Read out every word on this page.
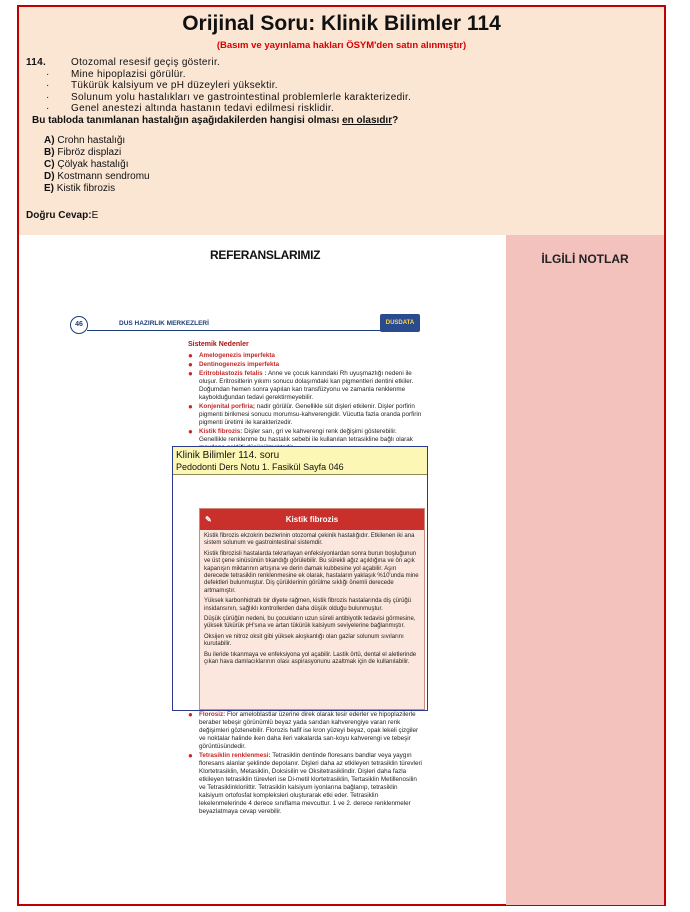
Orijinal Soru: Klinik Bilimler 114
(Basım ve yayınlama hakları ÖSYM'den satın alınmıştır)
114. Otozomal resesif geçiş gösterir.
· Mine hipoplazisi görülür.
· Tükürük kalsiyum ve pH düzeyleri yüksektir.
· Solunum yolu hastalıkları ve gastrointestinal problemlerle karakterizedir.
· Genel anestezi altında hastanın tedavi edilmesi risklidir.
Bu tabloda tanımlanan hastalığın aşağıdakilerden hangisi olması en olasıdır?
A) Crohn hastalığı
B) Fibröz displazi
C) Çölyak hastalığı
D) Kostmann sendromu
E) Kistik fibrozis
Doğru Cevap:E
İLGİLİ NOTLAR
REFERANSLARIMIZ
46	DUS HAZIRLIK MERKEZLERİ	DUSDATA
Sistemik Nedenler
● Amelogenezis imperfekta
● Dentinogenezis imperfekta
● Eritroblastozis fetalis : Anne ve çocuk kanındaki Rh uyuşmazlığı nedeni ile oluşur. Eritrositlerin yıkımı sonucu dolaşımdaki kan pigmentleri dentini etkiler. Doğumdan hemen sonra yapılan kan transfüzyonu ve zamanla renklenme kaybolduğundan tedavi gerektirmeyebilir.
● Konjenital porfiria; nadir görülür. Genellikle süt dişleri etkilenir. Dişler porfirin pigmenti birikmesi sonucu morumsu-kahverengidir. Vücutta fazla oranda porfirin pigmenti üretimi ile karakterizedir.
● Kistik fibrozis: Dişler sarı, gri ve kahverengi renk değişimi gösterebilir. Genellikle renklenme bu hastalık sebebi ile kullanılan tetrasikline bağlı olarak
✎	Kistik fibrozis
Kistik fibrozis ekzokrin bezlerinin otozomal çekinik hastalığıdır. Etkilenen iki ana sistem solunum ve gastrointestinal sistemdir.
Kistik fibrozisli hastalarda tekrarlayan enfeksiyonlardan sonra burun boşluğunun ve üst çene sinüsünün tıkandığı görülebilir. Bu sürekli ağız açıklığına ve ön açık kapanışın miktarının artışına ve derin damak kubbesine yol açabilir. Aşırı derecede tetrasiklin renklenmesine ek olarak, hastaların yaklaşık %10'unda mine defektleri bulunmuştur. Diş çürüklerinin görülme sıklığı önemli derecede artmamıştır.
Yüksek karbonhidratlı bir diyete rağmen, kistik fibrozis hastalarında diş çürüğü insidansının, sağlıklı kontrollerden daha düşük olduğu bulunmuştur.
Düşük çürüğün nedeni, bu çocukların uzun süreli antibiyotik tedavisi görmesine, yüksek tükürük pH'sına ve artan tükürük kalsiyum seviyelerine bağlanmıştır.
Oksijen ve nitroz oksit gibi yüksek akışkanlığı olan gazlar solunum sıvılarını kurutabilir.
Bu ileride tıkanmaya ve enfeksiyona yol açabilir. Lastik örtü, dental el aletlerinde çıkan hava damlacıklarının olası aspirasyonunu azaltmak için de kullanılabilir.
● Florosiz: Flor ameloblastlar üzerine direk olarak tesir ederler ve hipoplazilerle beraber tebeşir görünümlü beyaz yada sarıdan kahverengiye varan renk değişimleri gözlenebilir. Florozis hafif ise kron yüzeyi beyaz, opak lekeli çizgiler ve noktalar halinde iken daha ileri vakalarda sarı-koyu kahverengi ve tebeşir görüntüsündedir.
● Tetrasiklin renklenmesi: Tetrasiklin dentinde floresans bandlar veya yaygın floresans alanlar şeklinde depolanır. Dişleri daha az etkileyen tetrasiklin türevleri Klortetrasiklin, Metasiklin, Doksisilin ve Oksitetrasiklindir. Dişleri daha fazla etkileyen tetrasiklin türevleri ise Di-metil klortetrasiklin, Tertasiklin Metillenosilin ve Tetrasiklinkloriittir. Tetrasiklin kalsiyum iyonlarına bağlanıp, tetrasiklin kalsiyum ortofosfat kompleksleri oluşturarak etki eder. Tetrasiklin lekelenmelerinde 4 derece sınıflama mevcuttur. 1 ve 2. derece renklenmeler beyazlatmaya cevap verebilir.
Klinik Bilimler 114. soru
Pedodonti Ders Notu 1. Fasikül Sayfa 046
